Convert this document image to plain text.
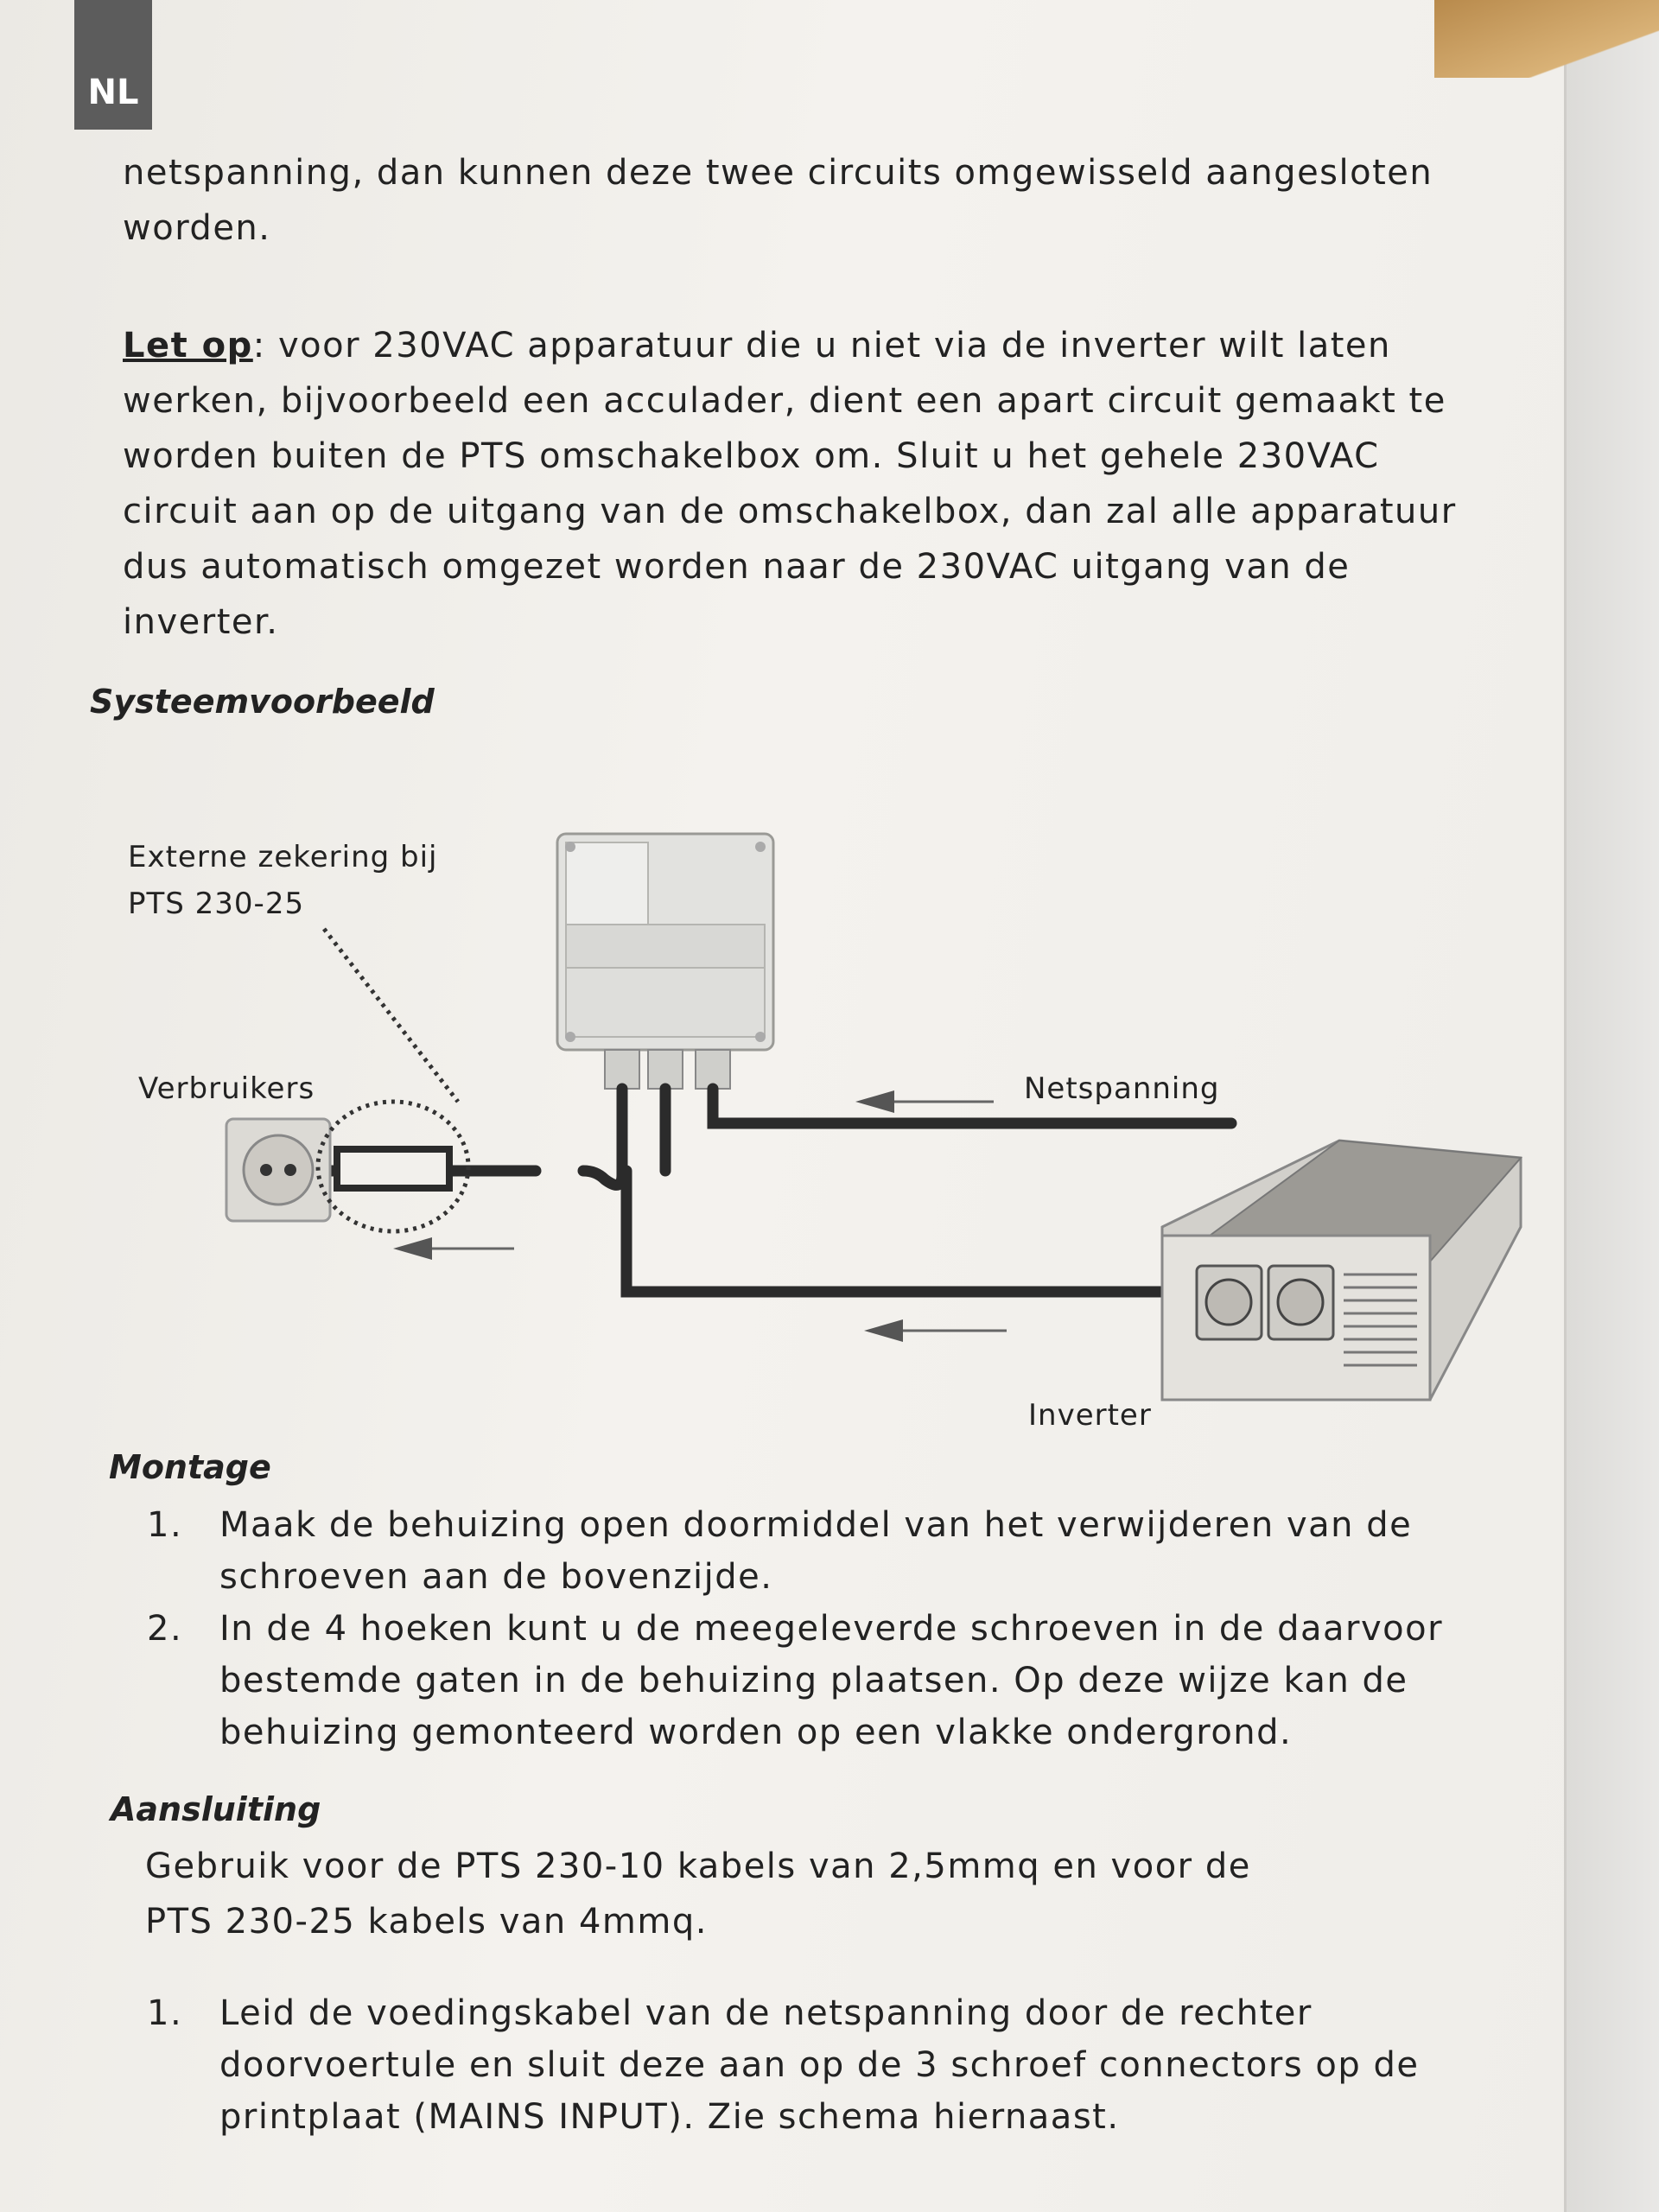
NL

netspanning, dan kunnen deze twee circuits omgewisseld aangesloten

worden.

Let op: voor 230VAC apparatuur die u niet via de inverter wilt laten

werken, bijvoorbeeld een acculader, dient een apart circuit gemaakt te

worden buiten de PTS omschakelbox om. Sluit u het gehele 230VAC

circuit aan op de uitgang van de omschakelbox, dan zal alle apparatuur

dus automatisch omgezet worden naar de 230VAC uitgang van de

inverter.

Systeemvoorbeeld
Externe zekering bij
PTS 230-25
Verbruikers	Netspanning
Inverter
Montage
1. Maak de behuizing open doormiddel van het verwijderen van de

schroeven aan de bovenzijde.

2. In de 4 hoeken kunt u de meegeleverde schroeven in de daarvoor

bestemde gaten in de behuizing plaatsen. Op deze wijze kan de

behuizing gemonteerd worden op een vlakke ondergrond.

Aansluiting

Gebruik voor de PTS 230-10 kabels van 2,5mmq en voor de

PTS 230-25 kabels van 4mmq.

1. Leid de voedingskabel van de netspanning door de rechter

doorvoertule en sluit deze aan op de 3 schroef connectors op de

printplaat (MAINS INPUT). Zie schema hiernaast.
